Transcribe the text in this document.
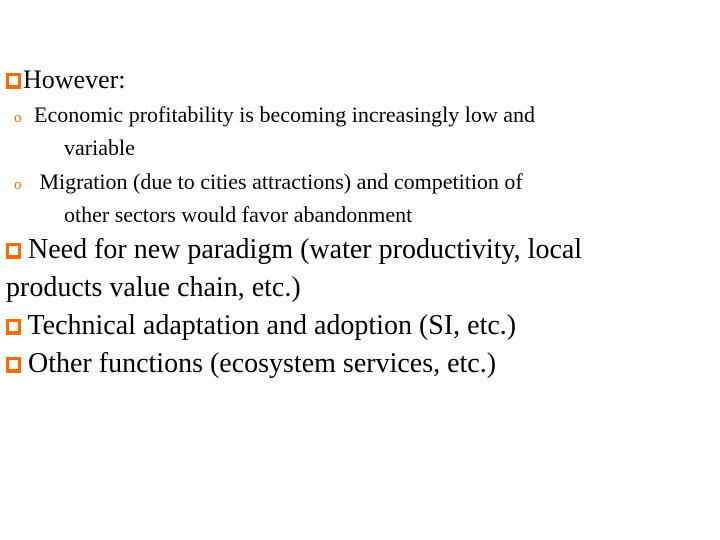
However:
o Economic profitability is becoming increasingly low and
variable
o Migration (due to cities attractions) and competition of
other sectors would favor abandonment
Need for new paradigm (water productivity, local
products value chain, etc.)
Technical adaptation and adoption (SI, etc.)
Other functions (ecosystem services, etc.)
